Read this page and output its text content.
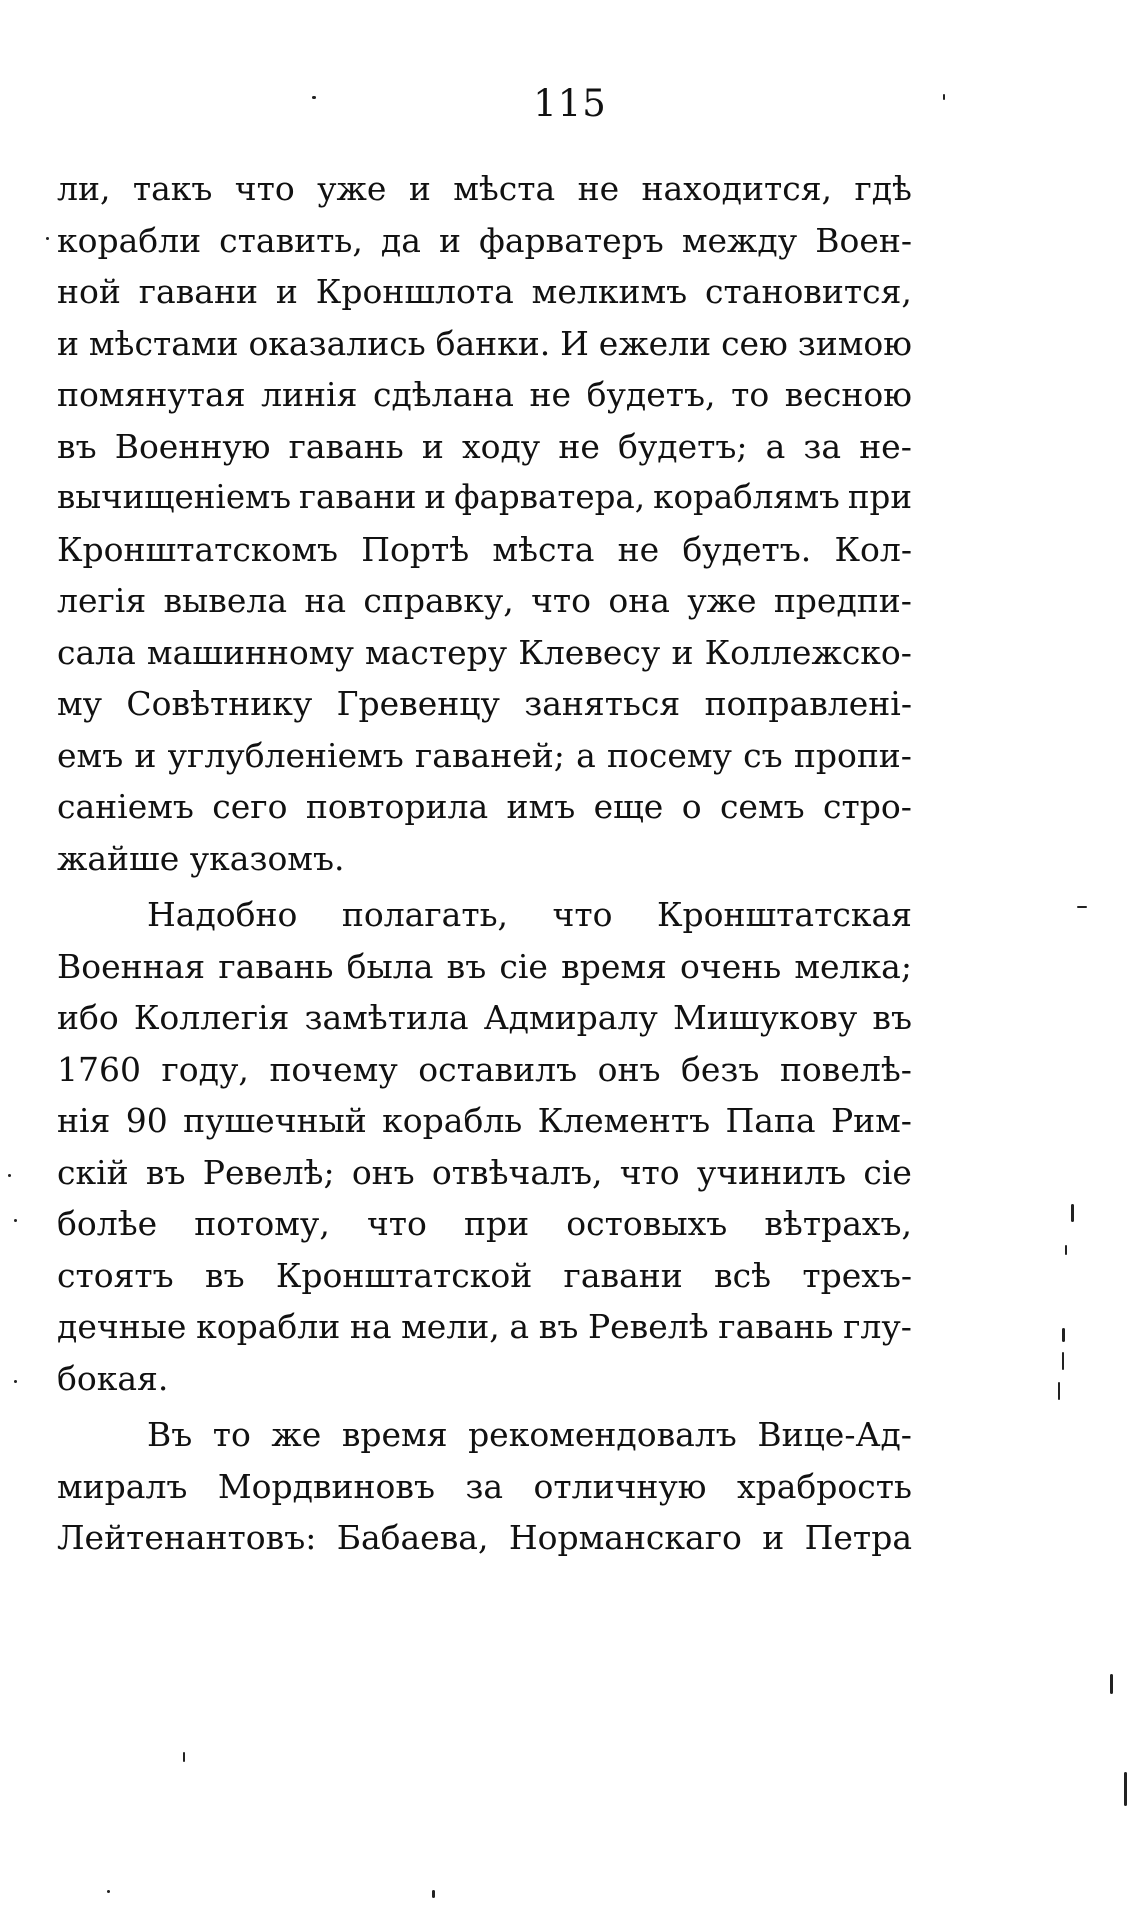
115
ли, такъ что уже и мѣста не находится, гдѣ
корабли ставить, да и фарватеръ между Воен-
ной гавани и Кроншлота мелкимъ становится,
и мѣстами оказались банки. И ежели сею зимою
помянутая линія сдѣлана не будетъ, то весною
въ Военную гавань и ходу не будетъ; а за не-
вычищеніемъ гавани и фарватера, кораблямъ при
Кронштатскомъ Портѣ мѣста не будетъ. Кол-
легія вывела на справку, что она уже предпи-
сала машинному мастеру Клевесу и Коллежско-
му Совѣтнику Гревенцу заняться поправлені-
емъ и углубленіемъ гаваней; а посему съ пропи-
саніемъ сего повторила имъ еще о семъ стро-
жайше указомъ.
Надобно полагать, что Кронштатская
Военная гавань была въ сіе время очень мелка;
ибо Коллегія замѣтила Адмиралу Мишукову въ
1760 году, почему оставилъ онъ безъ повелѣ-
нія 90 пушечный корабль Клементъ Папа Рим-
скій въ Ревелѣ; онъ отвѣчалъ, что учинилъ сіе
болѣе потому, что при остовыхъ вѣтрахъ,
стоятъ въ Кронштатской гавани всѣ трехъ-
дечные корабли на мели, а въ Ревелѣ гавань глу-
бокая.
Въ то же время рекомендовалъ Вице-Ад-
миралъ Мордвиновъ за отличную храбрость
Лейтенантовъ: Бабаева, Норманскаго и Петра
